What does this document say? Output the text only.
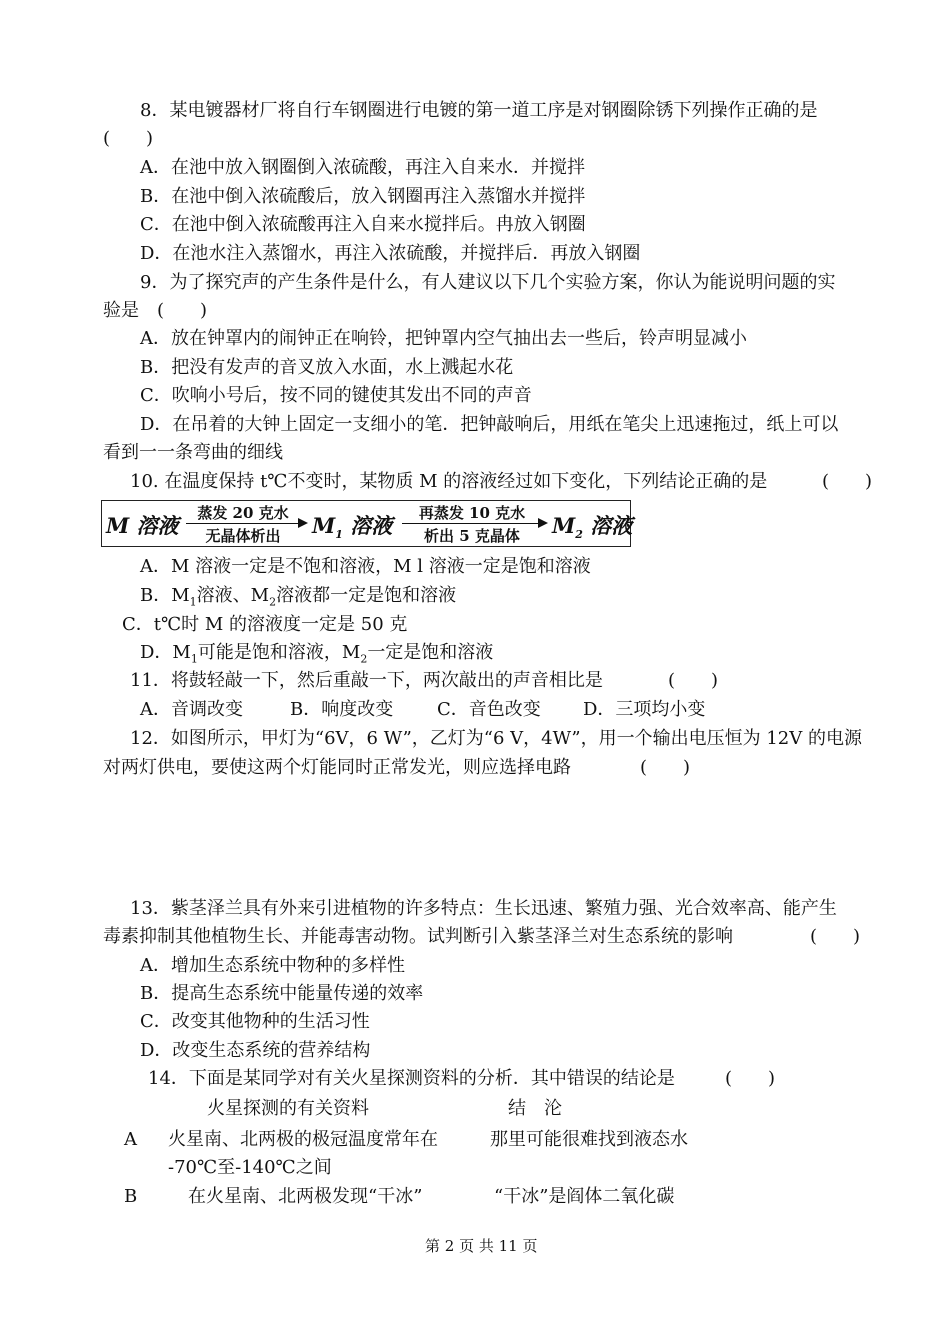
8．某电镀器材厂将自行车钢圈进行电镀的第一道工序是对钢圈除锈下列操作正确的是
(　　)
A．在池中放入钢圈倒入浓硫酸，再注入自来水．并搅拌
B．在池中倒入浓硫酸后，放入钢圈再注入蒸馏水并搅拌
C．在池中倒入浓硫酸再注入自来水搅拌后。冉放入钢圈
D．在池水注入蒸馏水，再注入浓硫酸，并搅拌后．再放入钢圈
9．为了探究声的产生条件是什么，有人建议以下几个实验方案，你认为能说明问题的实
验是　(　　)
A．放在钟罩内的闹钟正在响铃，把钟罩内空气抽出去一些后，铃声明显减小
B．把没有发声的音叉放入水面，水上溅起水花
C．吹响小号后，按不同的键使其发出不同的声音
D．在吊着的大钟上固定一支细小的笔．把钟敲响后，用纸在笔尖上迅速拖过，纸上可以
看到一一条弯曲的细线
10. 在温度保持 t℃不变时，某物质 M 的溶液经过如下变化，下列结论正确的是	(　　)
M 溶液	蒸发 20 克水
无晶体析出	$M_1$ 溶液	再蒸发 10 克水
析出 5 克晶体	$M_2$ 溶液
A．M 溶液一定是不饱和溶液，M l 溶液一定是饱和溶液
B．$M_1$溶液、$M_2$溶液都一定是饱和溶液
C．t℃时 M 的溶液度一定是 50 克
D．$M_1$可能是饱和溶液，$M_2$一定是饱和溶液
11．将鼓轻敲一下，然后重敲一下，两次敲出的声音相比是	(　　)
A．音调改变	B．响度改变 C．音色改变 D．三项均小变
12．如图所示，甲灯为“6V，6 W”，乙灯为“6 V，4W”，用一个输出电压恒为 12V 的电源
对两灯供电，要使这两个灯能同时正常发光，则应选择电路	(　　)
13．紫茎泽兰具有外来引进植物的许多特点：生长迅速、繁殖力强、光合效率高、能产生
毒素抑制其他植物生长、并能毒害动物。试判断引入紫茎泽兰对生态系统的影响	(　　)
A．增加生态系统中物种的多样性
B．提高生态系统中能量传递的效率
C．改变其他物种的生活习性
D．改变生态系统的营养结构
14．下面是某同学对有关火星探测资料的分析．其中错误的结论是	(　　)
火星探测的有关资料	结　沦
A 火星南、北两极的极冠温度常年在	那里可能很难找到液态水
-70℃至-140℃之间
B	在火星南、北两极发现“干冰”	“干冰”是阎体二氧化碳
第 2 页 共 11 页
